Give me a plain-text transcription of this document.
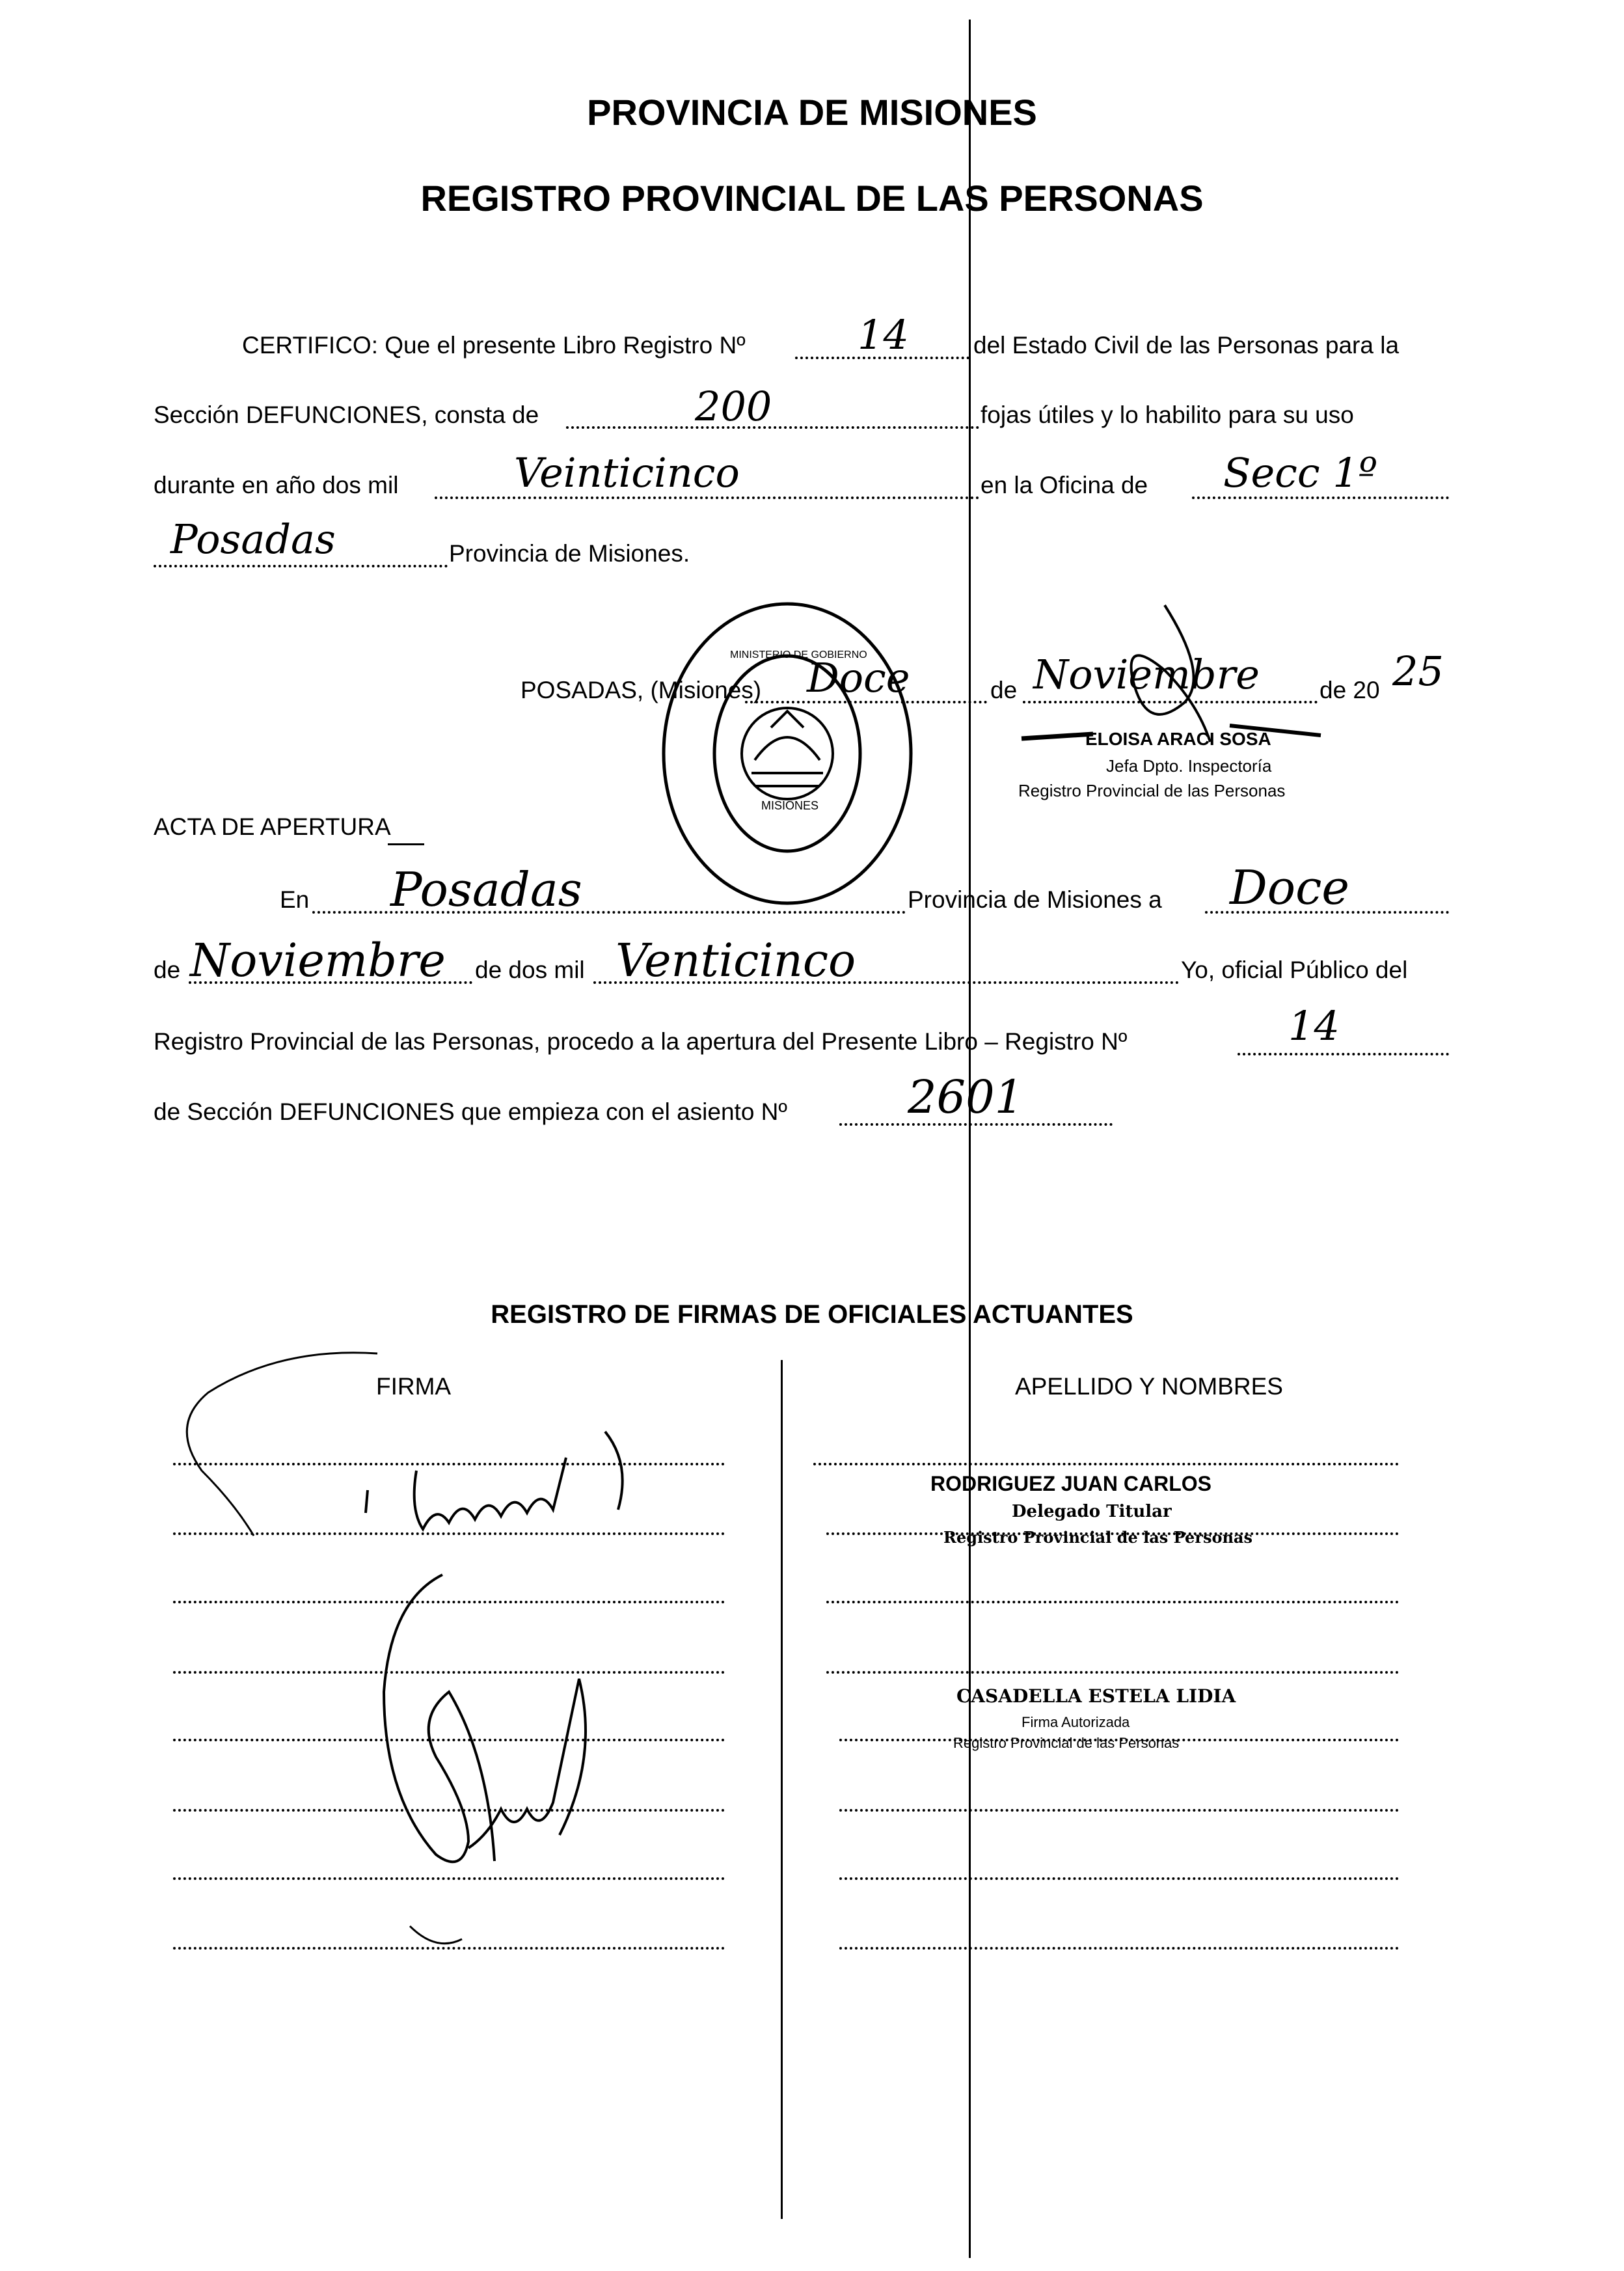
PROVINCIA DE MISIONES
REGISTRO PROVINCIAL DE LAS PERSONAS
CERTIFICO: Que el presente Libro Registro Nº	14	del Estado Civil de las Personas para la
Sección DEFUNCIONES, consta de	200	fojas útiles y lo habilito para su uso
durante en año dos mil	Veinticinco	en la Oficina de Secc 1º
Posadas	Provincia de Misiones.
MINISTERIO DE GOBIERNO
MISIONES
POSADAS, (Misiones) Doce	de Noviembre de 20 25
ELOISA ARACI SOSA
Jefa Dpto. Inspectoría
Registro Provincial de las Personas
ACTA DE APERTURA
En Posadas	Provincia de Misiones a Doce
de Noviembre de dos mil Venticinco	Yo, oficial Público del
Registro Provincial de las Personas, procedo a la apertura del Presente Libro – Registro Nº	14
de Sección DEFUNCIONES que empieza con el asiento Nº	2601
REGISTRO DE FIRMAS DE OFICIALES ACTUANTES
FIRMA	APELLIDO Y NOMBRES
RODRIGUEZ JUAN CARLOS
Delegado Titular
Registro Provincial de las Personas
CASADELLA ESTELA LIDIA
Firma Autorizada
Registro Provincial de las Personas
